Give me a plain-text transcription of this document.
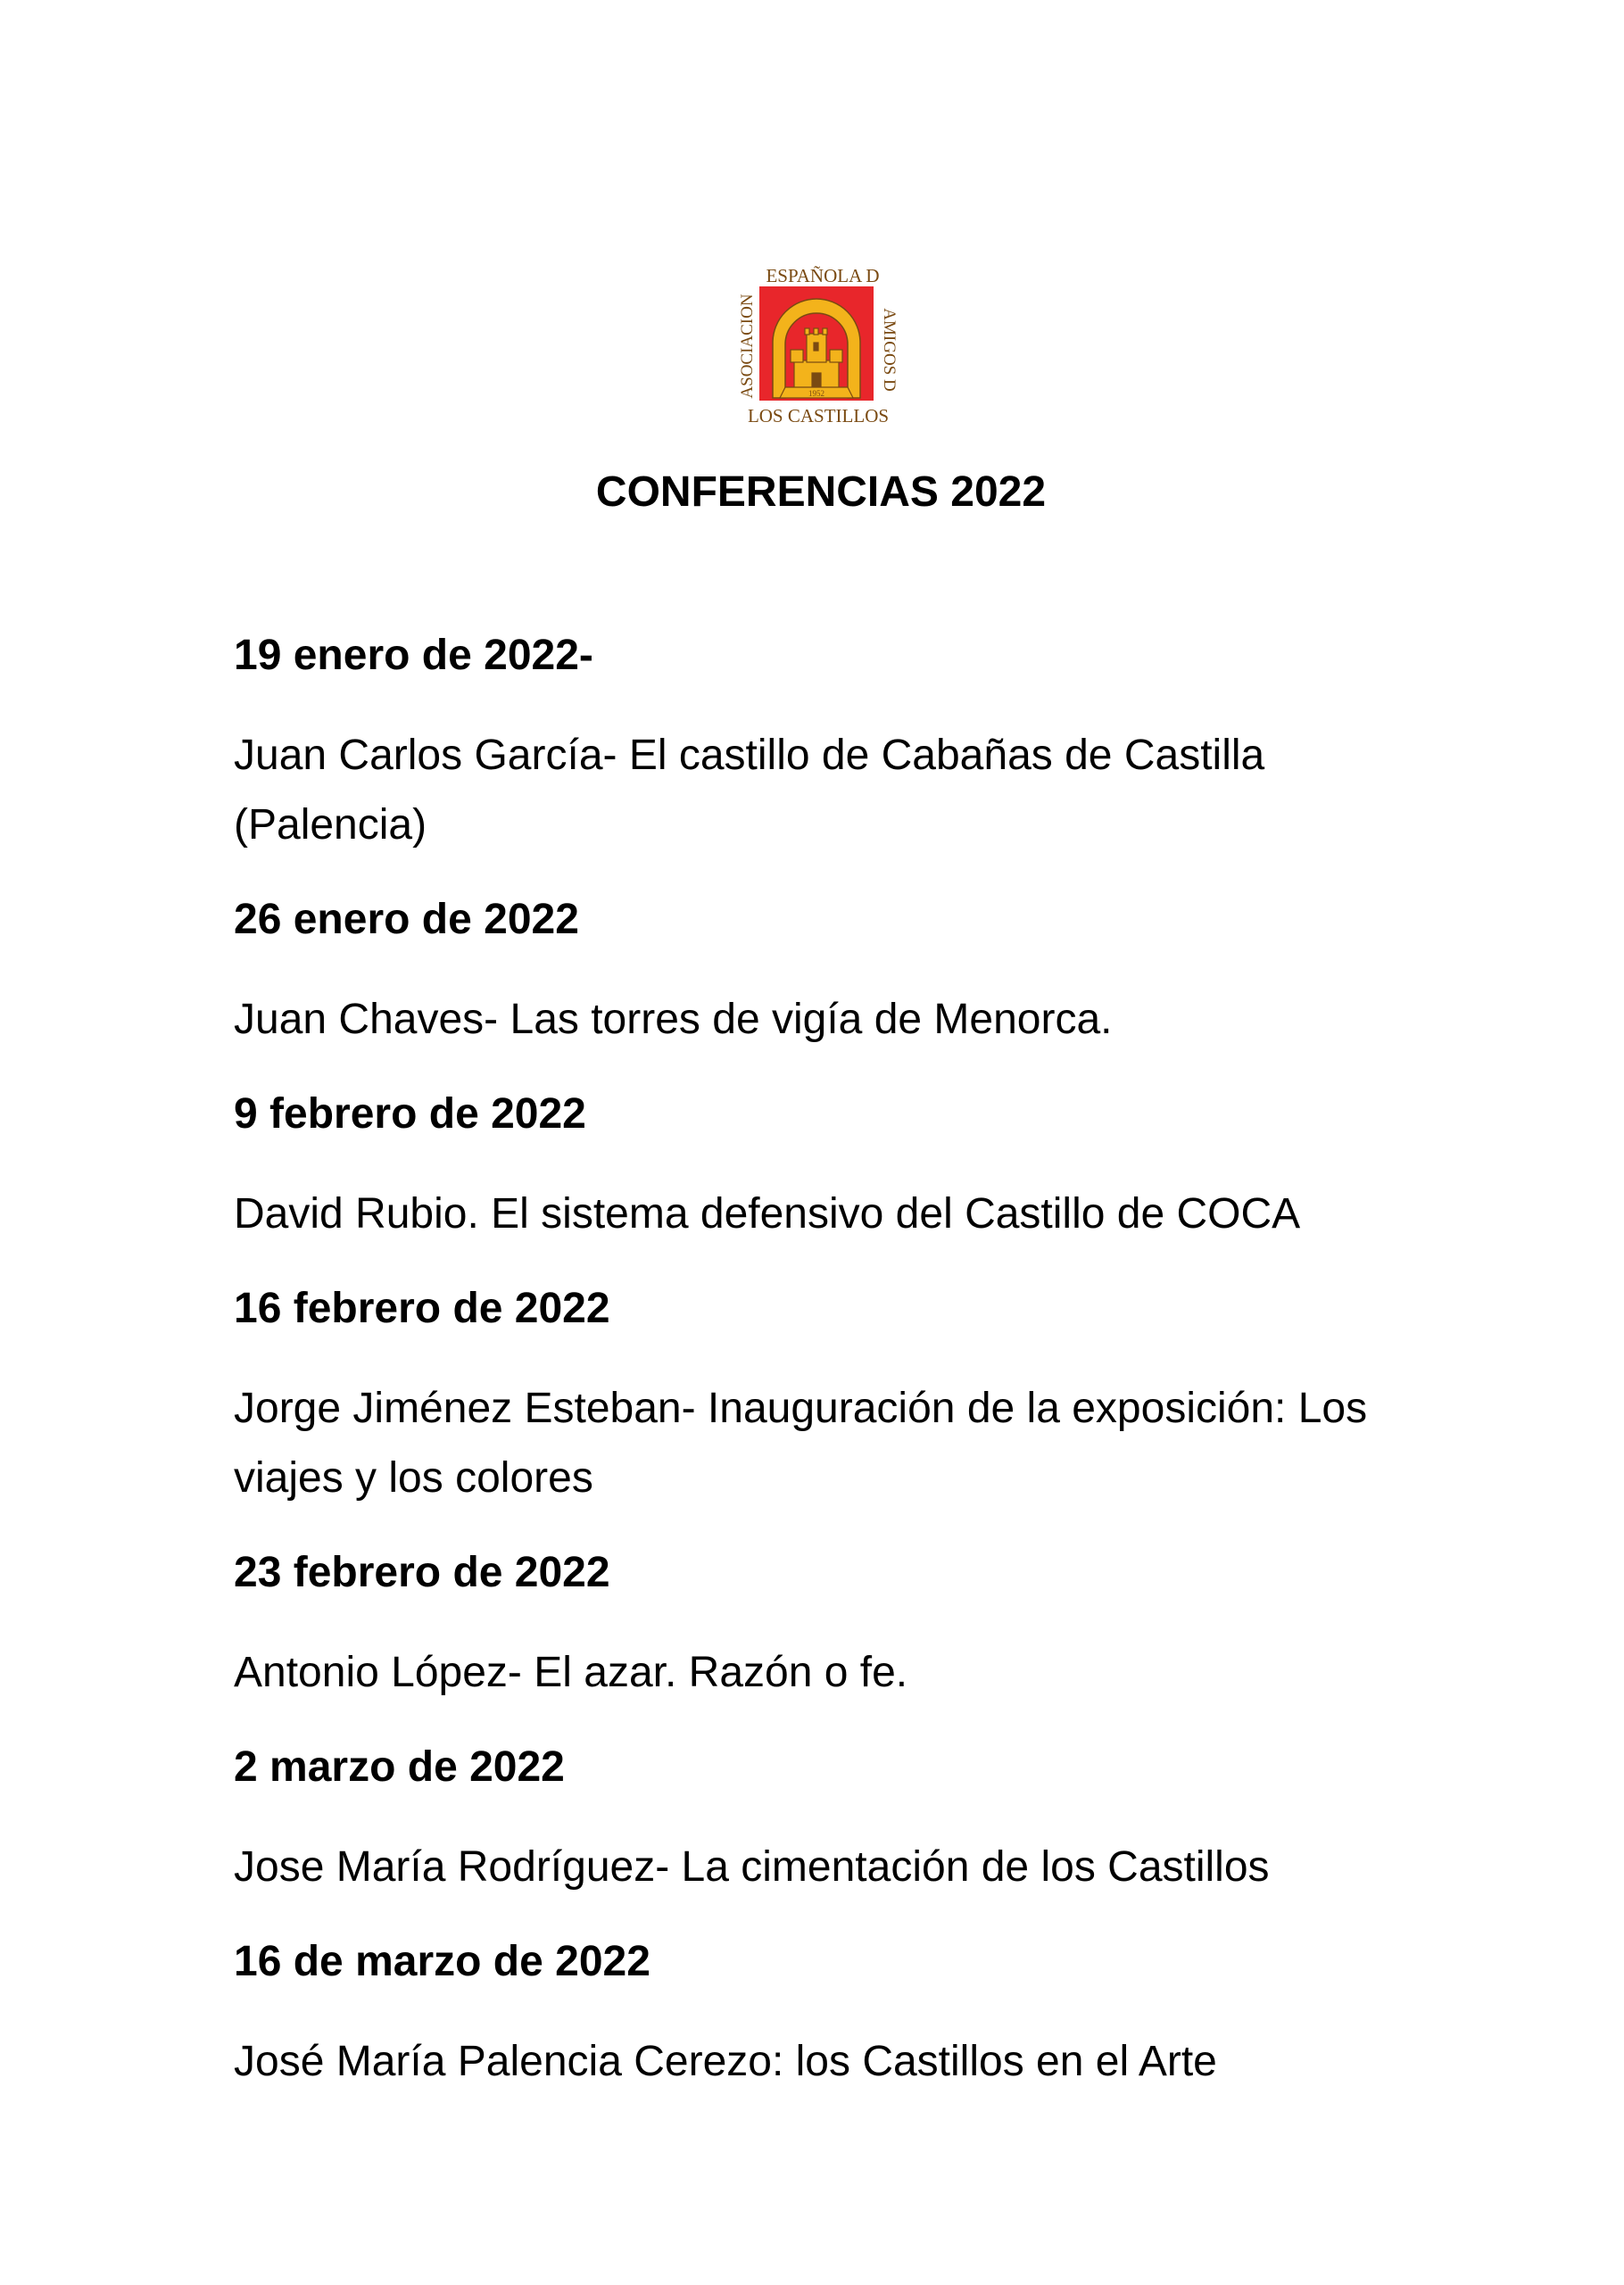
ESPAÑOLA D
LOS CASTILLOS
ASOCIACION	AMIGOS D
1952
CONFERENCIAS 2022
19 enero de 2022-
Juan Carlos García- El castillo de Cabañas de Castilla (Palencia)
26 enero de 2022
Juan Chaves- Las torres de vigía de Menorca.
9 febrero de 2022
David Rubio. El sistema defensivo del Castillo de COCA
16 febrero de 2022
Jorge Jiménez Esteban- Inauguración de la exposición: Los viajes y los colores
23 febrero de 2022
Antonio López- El azar. Razón o fe.
2 marzo de 2022
Jose María Rodríguez- La cimentación de los Castillos
16 de marzo de 2022
José María Palencia Cerezo: los Castillos en el Arte
